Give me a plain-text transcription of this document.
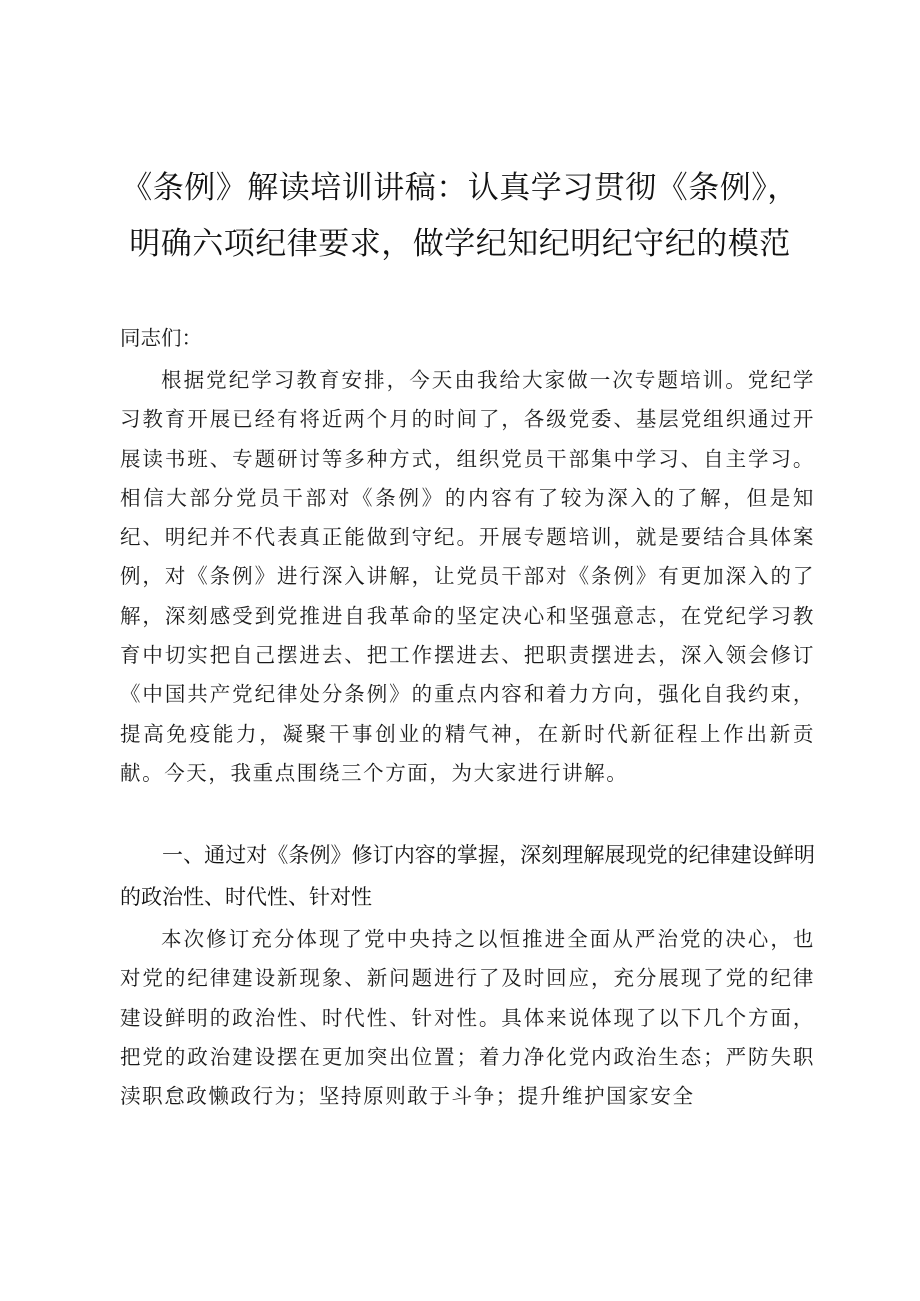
《条例》解读培训讲稿：认真学习贯彻《条例》，明确六项纪律要求，做学纪知纪明纪守纪的模范

同志们：

根据党纪学习教育安排，今天由我给大家做一次专题培训。党纪学习教育开展已经有将近两个月的时间了，各级党委、基层党组织通过开展读书班、专题研讨等多种方式，组织党员干部集中学习、自主学习。相信大部分党员干部对《条例》的内容有了较为深入的了解，但是知纪、明纪并不代表真正能做到守纪。开展专题培训，就是要结合具体案例，对《条例》进行深入讲解，让党员干部对《条例》有更加深入的了解，深刻感受到党推进自我革命的坚定决心和坚强意志，在党纪学习教育中切实把自己摆进去、把工作摆进去、把职责摆进去，深入领会修订《中国共产党纪律处分条例》的重点内容和着力方向，强化自我约束，提高免疫能力，凝聚干事创业的精气神，在新时代新征程上作出新贡献。今天，我重点围绕三个方面，为大家进行讲解。

一、通过对《条例》修订内容的掌握，深刻理解展现党的纪律建设鲜明的政治性、时代性、针对性

本次修订充分体现了党中央持之以恒推进全面从严治党的决心，也对党的纪律建设新现象、新问题进行了及时回应，充分展现了党的纪律建设鲜明的政治性、时代性、针对性。具体来说体现了以下几个方面，把党的政治建设摆在更加突出位置；着力净化党内政治生态；严防失职渎职怠政懒政行为；坚持原则敢于斗争；提升维护国家安全
